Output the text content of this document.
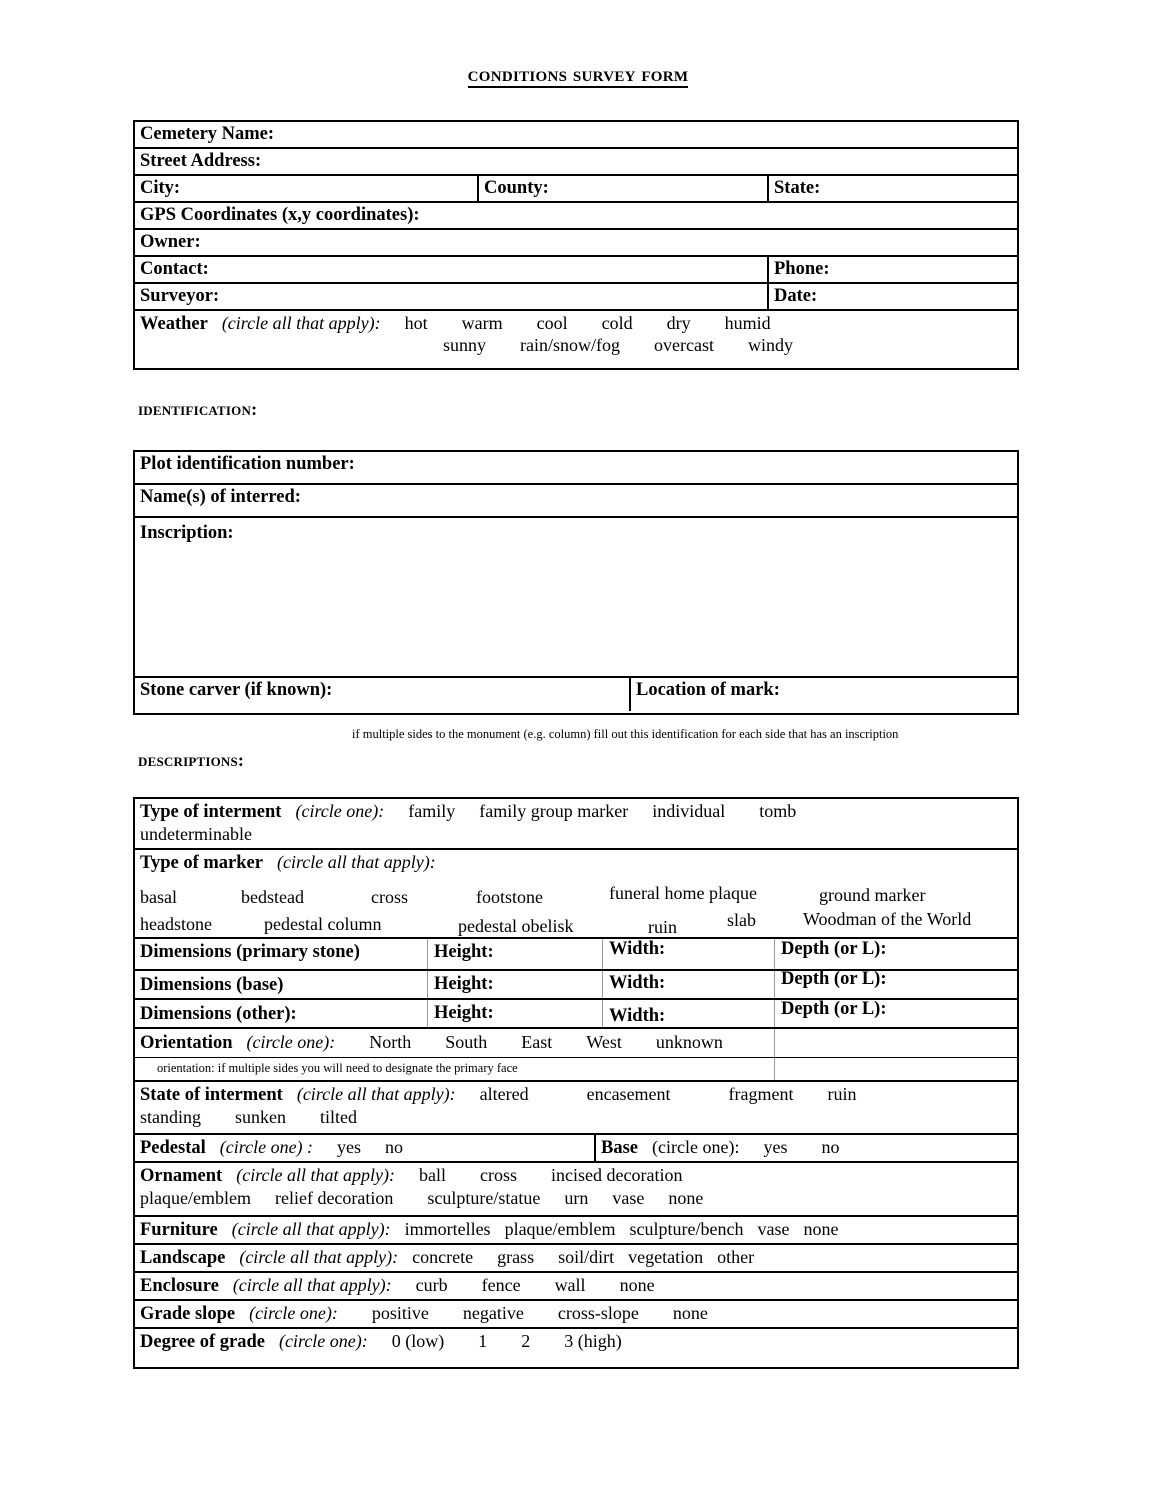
conditions survey form
Cemetery Name:
Street Address:
City:	County:	State:
GPS Coordinates (x,y coordinates):
Owner:
Contact:	Phone:
Surveyor:	Date:
Weather (circle all that apply): hot warm cool cold dry humid
sunny rain/snow/fog overcast windy
identification:
Plot identification number:
Name(s) of interred:
Inscription:
Stone carver (if known):	Location of mark:
if multiple sides to the monument (e.g. column) fill out this identification for each side that has an inscription
descriptions:
Type of interment (circle one): family family group marker individual tomb
undeterminable
Type of marker (circle all that apply):
basal	bedstead	cross	footstone	funeral home plaque	ground marker
headstone	pedestal column	pedestal obelisk	ruin	slab	Woodman of the World
Dimensions (primary stone)	Height:	Width:	Depth (or L):
Dimensions (base)	Height:	Width:	Depth (or L):
Dimensions (other):	Height:	Width:	Depth (or L):
Orientation (circle one): North South East West unknown
orientation: if multiple sides you will need to designate the primary face
State of interment (circle all that apply): altered	encasement	fragment ruin
standing sunken tilted
Pedestal (circle one) : yes no	Base (circle one): yes no
Ornament (circle all that apply): ball cross incised decoration
plaque/emblem relief decoration sculpture/statue urn vase none
Furniture (circle all that apply): immortelles plaque/emblem sculpture/bench vase none
Landscape (circle all that apply): concrete grass soil/dirt vegetation other
Enclosure (circle all that apply): curb fence wall none
Grade slope (circle one): positive negative cross-slope none
Degree of grade (circle one): 0 (low) 1 2 3 (high)
